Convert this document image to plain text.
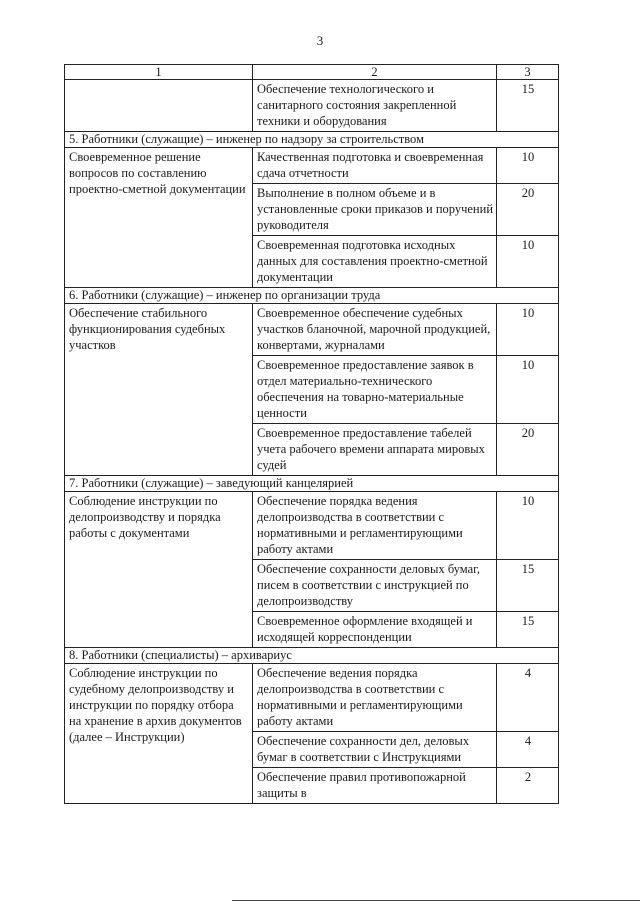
3
1	2	3
	Обеспечение технологического и санитарного состояния закрепленной техники и оборудования	15
5. Работники (служащие) – инженер по надзору за строительством		
Своевременное решение вопросов по составлению проектно-сметной документации	Качественная подготовка и своевременная сдача отчетности	10
	Выполнение в полном объеме и в установленные сроки приказов и поручений руководителя	20
	Своевременная подготовка исходных данных для составления проектно-сметной документации	10
6. Работники (служащие) – инженер по организации труда		
Обеспечение стабильного функционирования судебных участков	Своевременное обеспечение судебных участков бланочной, марочной продукцией, конвертами, журналами	10
	Своевременное предоставление заявок в отдел материально-технического обеспечения на товарно-материальные ценности	10
	Своевременное предоставление табелей учета рабочего времени аппарата мировых судей	20
7. Работники (служащие) – заведующий канцелярией		
Соблюдение инструкции по делопроизводству и порядка работы с документами	Обеспечение порядка ведения делопроизводства в соответствии с нормативными и регламентирующими работу актами	10
	Обеспечение сохранности деловых бумаг, писем в соответствии с инструкцией по делопроизводству	15
	Своевременное оформление входящей и исходящей корреспонденции	15
8. Работники (специалисты) – архивариус		
Соблюдение инструкции по судебному делопроизводству и инструкции по порядку отбора на хранение в архив документов (далее – Инструкции)	Обеспечение ведения порядка делопроизводства в соответствии с нормативными и регламентирующими работу актами	4
	Обеспечение сохранности дел, деловых бумаг в соответствии с Инструкциями	4
	Обеспечение правил противопожарной защиты в	2
